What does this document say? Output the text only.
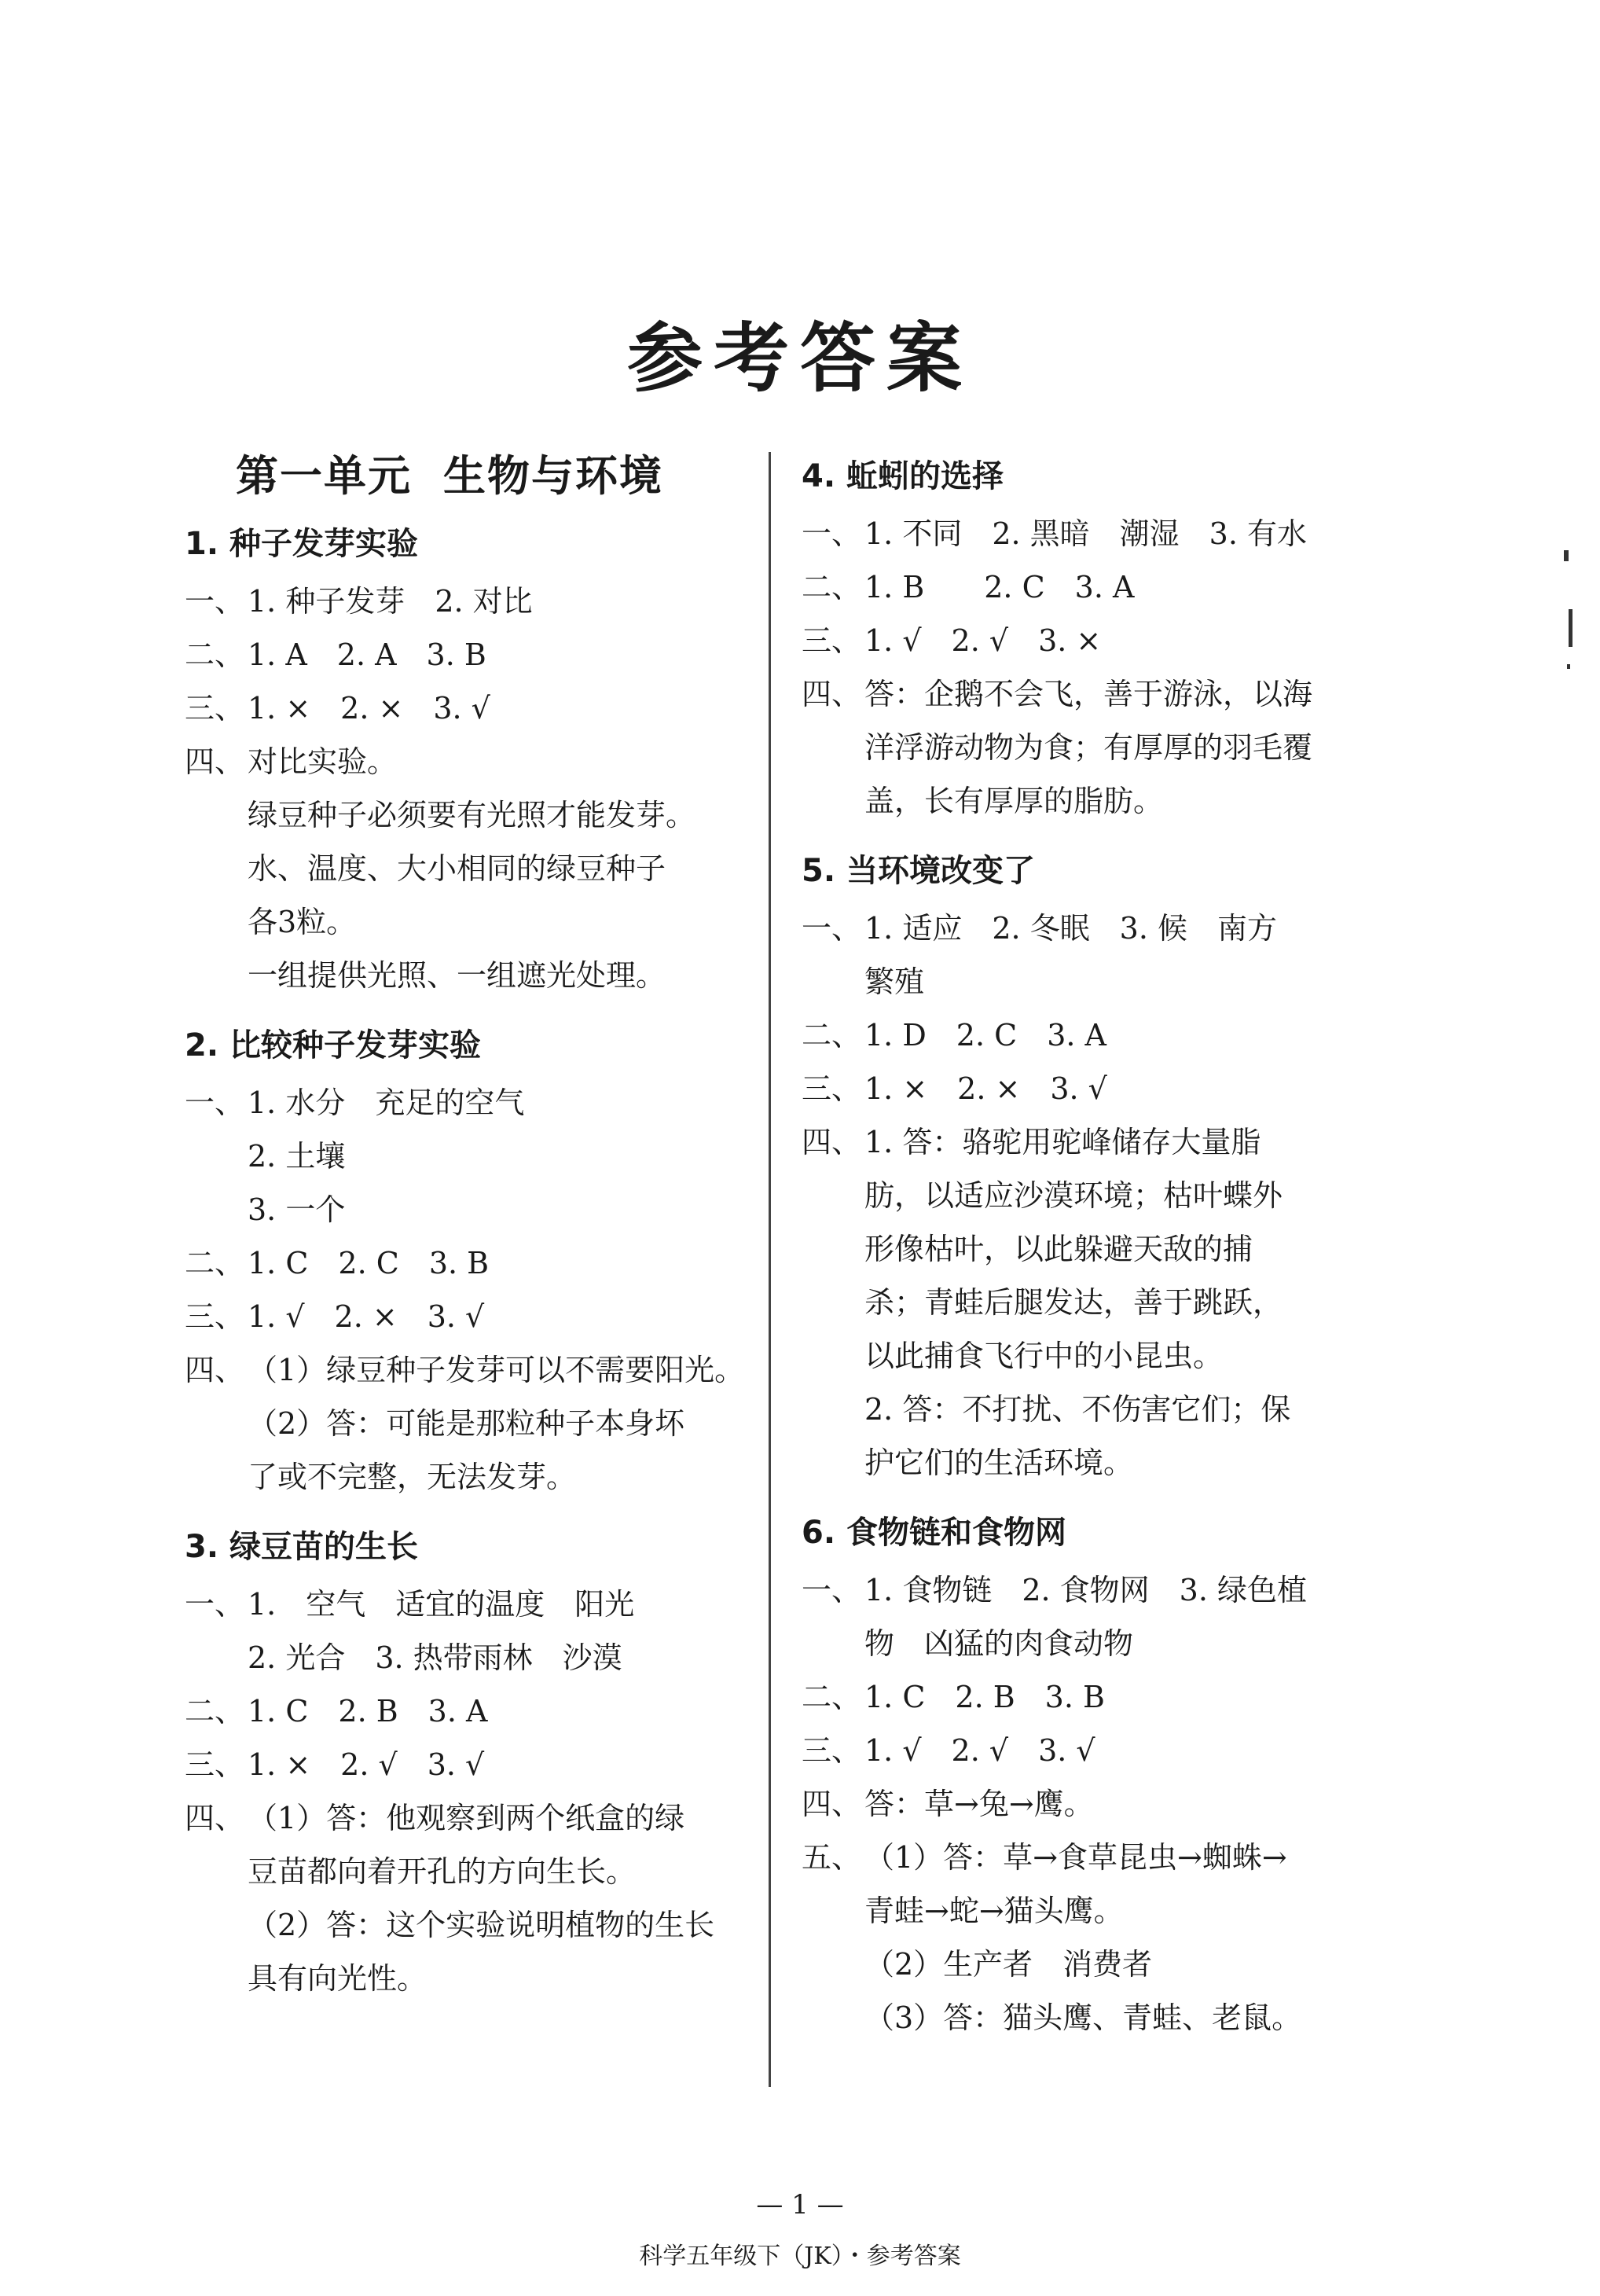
参考答案
第一单元 生物与环境
1. 种子发芽实验
一、 1. 种子发芽　2. 对比
二、 1. A　2. A　3. B
三、 1. ×　2. ×　3. √
四、 对比实验。
绿豆种子必须要有光照才能发芽。
水、温度、大小相同的绿豆种子
各3粒。
一组提供光照、一组遮光处理。
2. 比较种子发芽实验
一、 1. 水分　充足的空气
2. 土壤
3. 一个
二、 1. C　2. C　3. B
三、 1. √　2. ×　3. √
四、 （1）绿豆种子发芽可以不需要阳光。
（2）答：可能是那粒种子本身坏
了或不完整，无法发芽。
3. 绿豆苗的生长
一、 1.　空气　适宜的温度　阳光
2. 光合　3. 热带雨林　沙漠
二、 1. C　2. B　3. A
三、 1. ×　2. √　3. √
四、 （1）答：他观察到两个纸盒的绿
豆苗都向着开孔的方向生长。
（2）答：这个实验说明植物的生长
具有向光性。
4. 蚯蚓的选择
一、 1. 不同　2. 黑暗　潮湿　3. 有水
二、 1. B　　2. C　3. A
三、 1. √　2. √　3. ×
四、 答：企鹅不会飞，善于游泳，以海
洋浮游动物为食；有厚厚的羽毛覆
盖，长有厚厚的脂肪。
5. 当环境改变了
一、 1. 适应　2. 冬眠　3. 候　南方
繁殖
二、 1. D　2. C　3. A
三、 1. ×　2. ×　3. √
四、 1. 答：骆驼用驼峰储存大量脂
肪，以适应沙漠环境；枯叶蝶外
形像枯叶，以此躲避天敌的捕
杀；青蛙后腿发达，善于跳跃，
以此捕食飞行中的小昆虫。
2. 答：不打扰、不伤害它们；保
护它们的生活环境。
6. 食物链和食物网
一、 1. 食物链　2. 食物网　3. 绿色植
物　凶猛的肉食动物
二、 1. C　2. B　3. B
三、 1. √　2. √　3. √
四、 答：草→兔→鹰。
五、 （1）答：草→食草昆虫→蜘蛛→
青蛙→蛇→猫头鹰。
（2）生产者　消费者
（3）答：猫头鹰、青蛙、老鼠。
— 1 —
科学五年级下（JK）・参考答案
